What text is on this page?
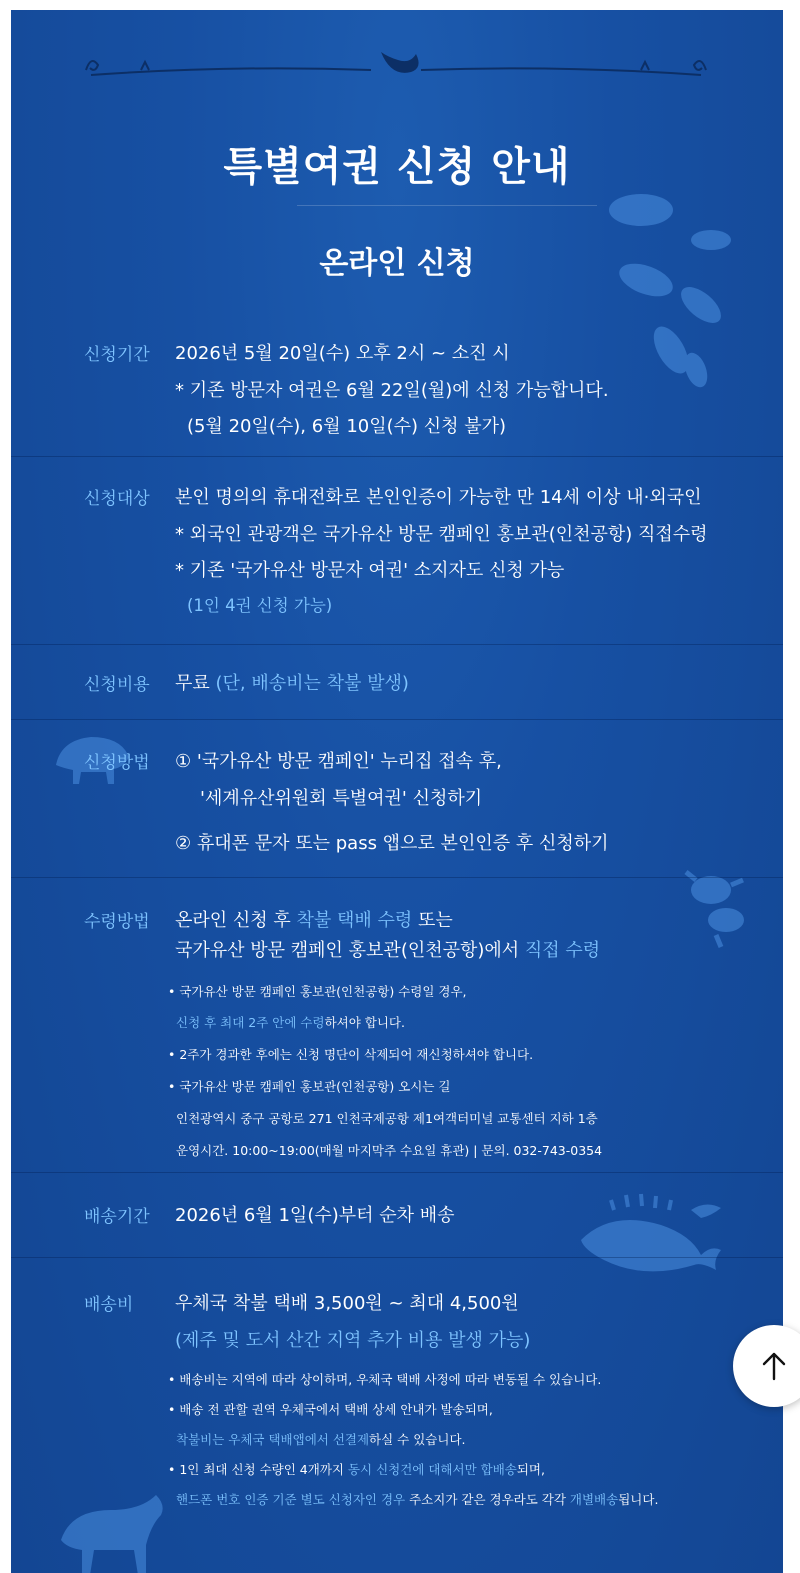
특별여권 신청 안내
온라인 신청
신청기간 2026년 5월 20일(수) 오후 2시 ~ 소진 시
* 기존 방문자 여권은 6월 22일(월)에 신청 가능합니다.
(5월 20일(수), 6월 10일(수) 신청 불가)
신청대상 본인 명의의 휴대전화로 본인인증이 가능한 만 14세 이상 내·외국인
* 외국인 관광객은 국가유산 방문 캠페인 홍보관(인천공항) 직접수령
* 기존 '국가유산 방문자 여권' 소지자도 신청 가능
(1인 4권 신청 가능)
신청비용 무료 (단, 배송비는 착불 발생)
신청방법 ① '국가유산 방문 캠페인' 누리집 접속 후,
'세계유산위원회 특별여권' 신청하기
② 휴대폰 문자 또는 pass 앱으로 본인인증 후 신청하기
수령방법 온라인 신청 후 착불 택배 수령 또는
국가유산 방문 캠페인 홍보관(인천공항)에서 직접 수령
• 국가유산 방문 캠페인 홍보관(인천공항) 수령일 경우,
신청 후 최대 2주 안에 수령하셔야 합니다.
• 2주가 경과한 후에는 신청 명단이 삭제되어 재신청하셔야 합니다.
• 국가유산 방문 캠페인 홍보관(인천공항) 오시는 길
인천광역시 중구 공항로 271 인천국제공항 제1여객터미널 교통센터 지하 1층
운영시간. 10:00~19:00(매월 마지막주 수요일 휴관) | 문의. 032-743-0354
배송기간 2026년 6월 1일(수)부터 순차 배송
배송비 우체국 착불 택배 3,500원 ~ 최대 4,500원
(제주 및 도서 산간 지역 추가 비용 발생 가능)
• 배송비는 지역에 따라 상이하며, 우체국 택배 사정에 따라 변동될 수 있습니다.
• 배송 전 관할 권역 우체국에서 택배 상세 안내가 발송되며,
착불비는 우체국 택배앱에서 선결제하실 수 있습니다.
• 1인 최대 신청 수량인 4개까지 동시 신청건에 대해서만 합배송되며,
핸드폰 번호 인증 기준 별도 신청자인 경우 주소지가 같은 경우라도 각각 개별배송됩니다.
